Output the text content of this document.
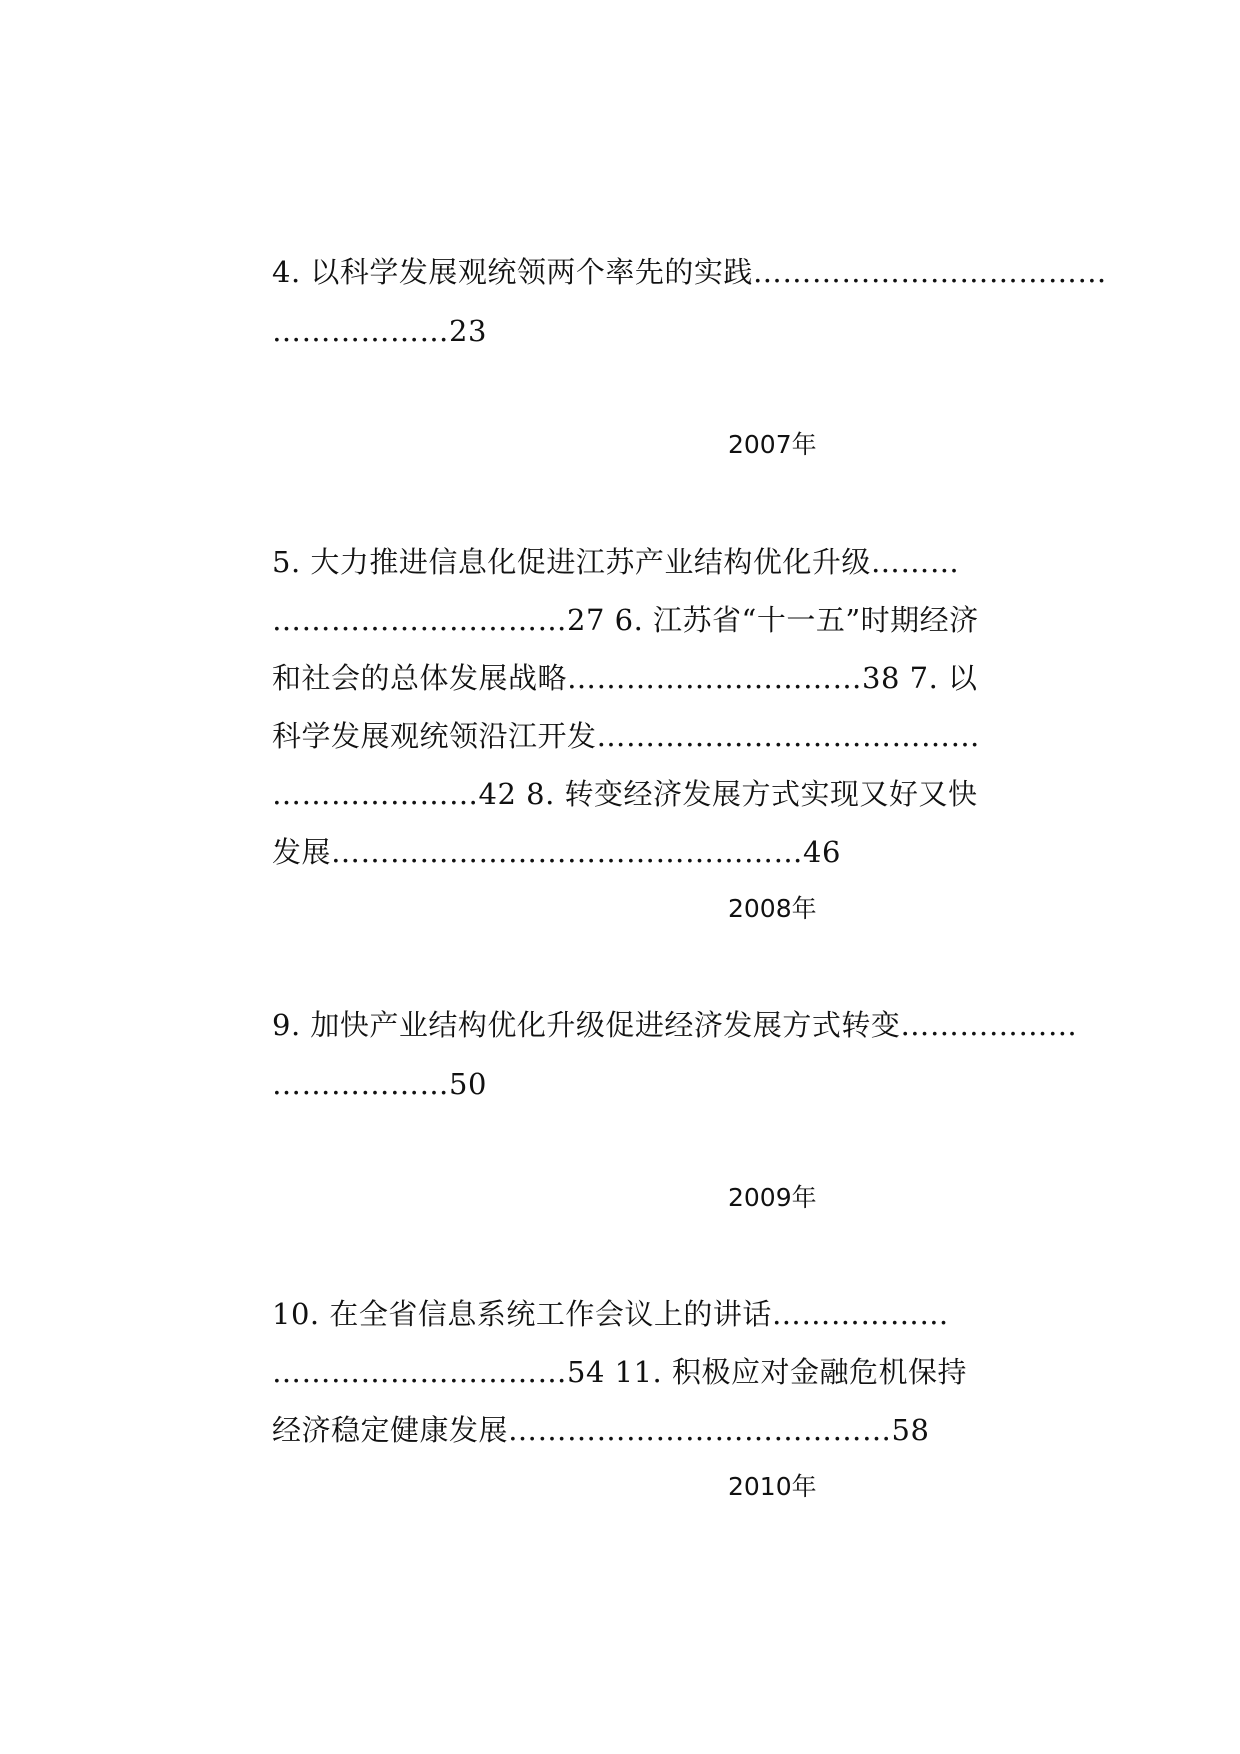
4. 以科学发展观统领两个率先的实践………………………………
………………23
2007年
5. 大力推进信息化促进江苏产业结构优化升级………
…………………………27 6. 江苏省“十一五”时期经济
和社会的总体发展战略…………………………38 7. 以
科学发展观统领沿江开发…………………………………
…………………42 8. 转变经济发展方式实现又好又快
发展…………………………………………46
2008年
9. 加快产业结构优化升级促进经济发展方式转变………………
………………50
2009年
10. 在全省信息系统工作会议上的讲话………………
…………………………54 11. 积极应对金融危机保持
经济稳定健康发展…………………………………58
2010年
